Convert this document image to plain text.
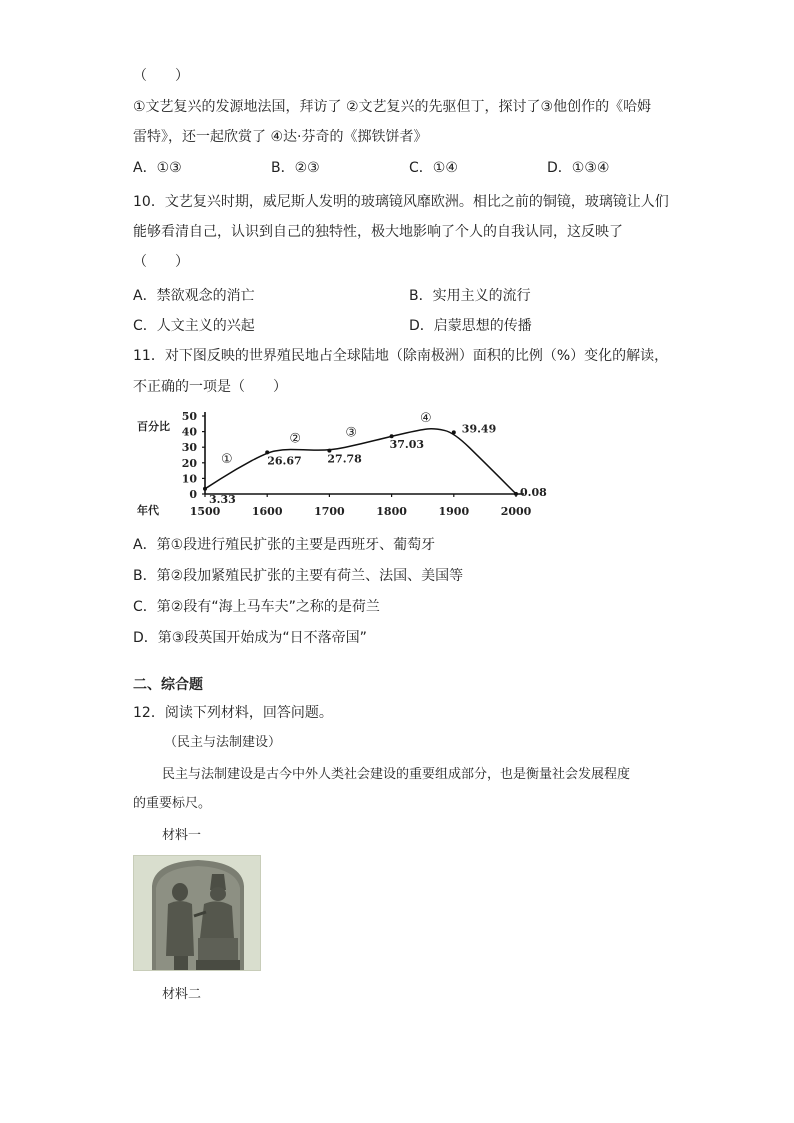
（　　）
①文艺复兴的发源地法国，拜访了 ②文艺复兴的先驱但丁，探讨了③他创作的《哈姆
雷特》，还一起欣赏了 ④达·芬奇的《掷铁饼者》
A．①③	B．②③	C．①④	D．①③④
10．文艺复兴时期，威尼斯人发明的玻璃镜风靡欧洲。相比之前的铜镜，玻璃镜让人们
能够看清自己，认识到自己的独特性，极大地影响了个人的自我认同，这反映了
（　　）
A．禁欲观念的消亡	B．实用主义的流行
C．人文主义的兴起	D．启蒙思想的传播
11．对下图反映的世界殖民地占全球陆地（除南极洲）面积的比例（%）变化的解读，
不正确的一项是（　　）
百分比
年代
0
10
20
30
40
50
1500	1600	1700	1800	1900	2000
3.33
26.67 27.78
37.03
39.49
0.08
①
②	③
④
A．第①段进行殖民扩张的主要是西班牙、葡萄牙
B．第②段加紧殖民扩张的主要有荷兰、法国、美国等
C．第②段有“海上马车夫”之称的是荷兰
D．第③段英国开始成为“日不落帝国”
二、综合题
12．阅读下列材料，回答问题。
（民主与法制建设）
民主与法制建设是古今中外人类社会建设的重要组成部分，也是衡量社会发展程度
的重要标尺。
材料一
材料二
